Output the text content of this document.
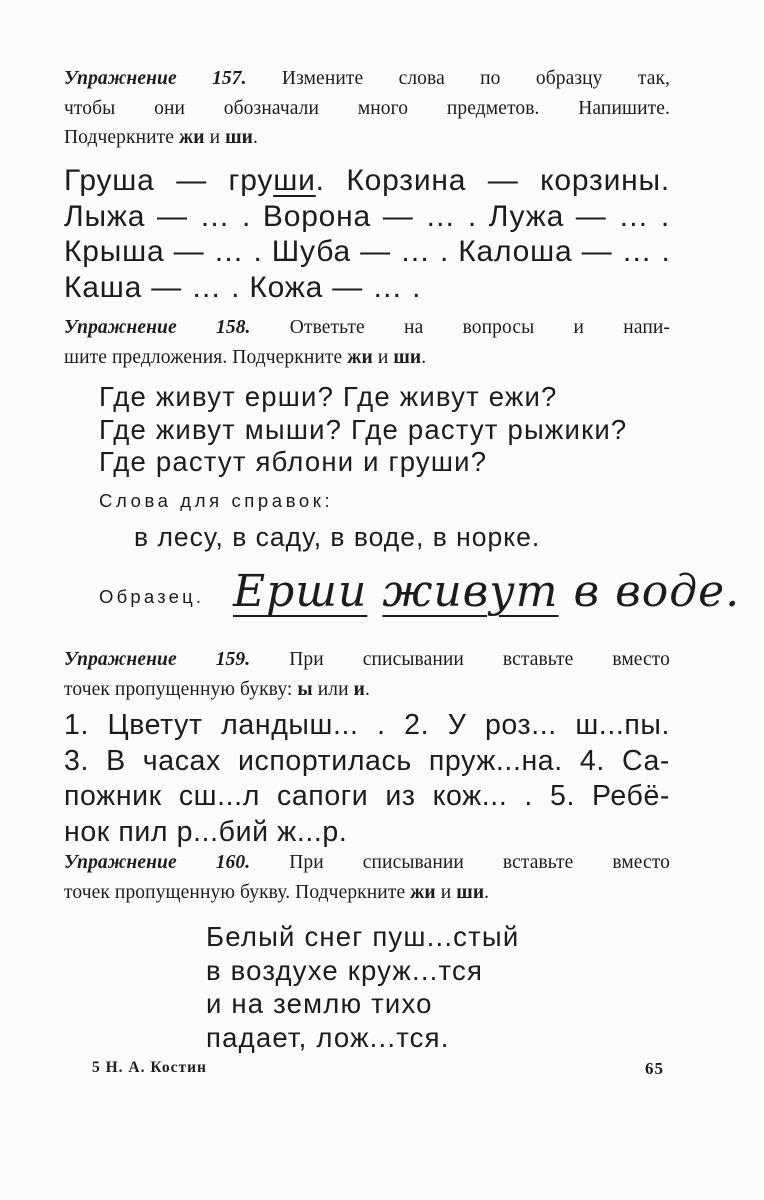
Упражнение 157. Измените слова по образцу так,
чтобы они обозначали много предметов. Напишите.
Подчеркните жи и ши.
Груша — груши. Корзина — корзины.
Лыжа — … . Ворона — … . Лужа — … .
Крыша — … . Шуба — … . Калоша — … .
Каша — … . Кожа — … .
Упражнение 158. Ответьте на вопросы и напи-
шите предложения. Подчеркните жи и ши.
Где живут ерши? Где живут ежи?
Где живут мыши? Где растут рыжики?
Где растут яблони и груши?
Слова для справок:
в лесу, в саду, в воде, в норке.
Образец. Ерши живут в воде.
Упражнение 159. При списывании вставьте вместо
точек пропущенную букву: ы или и.
1. Цветут ландыш... . 2. У роз... ш...пы.
3. В часах испортилась пруж...на. 4. Са-
пожник сш...л сапоги из кож... . 5. Ребё-
нок пил р...бий ж...р.
Упражнение 160. При списывании вставьте вместо
точек пропущенную букву. Подчеркните жи и ши.
Белый снег пуш...стый
в воздухе круж...тся
и на землю тихо
падает, лож...тся.
5 Н. А. Костин	65
